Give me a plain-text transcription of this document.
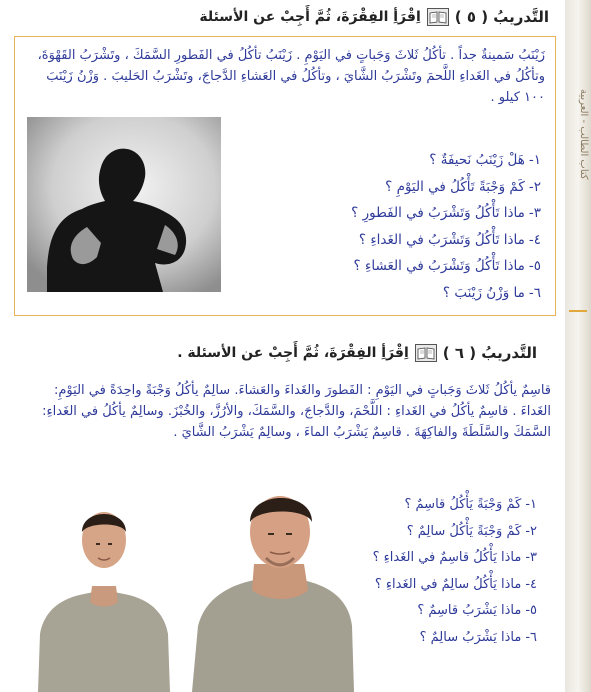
التَّدريبُ ( ٥ )
اِقْرَأِ الفِقْرَةَ، ثُمَّ أَجِبْ عن الأسئلة
زَيْنَبُ سَمينةٌ جداً . تأكُلُ ثَلاثَ وَجَباتٍ في اليَوْمِ . زَيْنَبُ تأكُلُ في الفَطورِ السَّمَكَ ، وتَشْرَبُ القَهْوَةَ، وتأكُلُ في الغَداءِ اللَّحمَ وتَشْرَبُ الشَّايَ ، وتأكُلُ في العَشاءِ الدَّجاجَ، وتَشْرَبُ الحَليبَ . وَزْنُ زَيْنَبَ ١٠٠ كيلو .
١-هَلْ زَيْنَبُ نَحيفَةٌ ؟
٢-كَمْ وَجْبَةً تَأْكُلُ في اليَوْمِ ؟
٣-ماذا تَأْكُلُ وَتَشْرَبُ في الفَطورِ ؟
٤-ماذا تَأْكُلُ وَتَشْرَبُ في الغَداءِ ؟
٥-ماذا تَأْكُلُ وَتَشْرَبُ في العَشاءِ ؟
٦-ما وَزْنُ زَيْنَبَ ؟
التَّدريبُ ( ٦ )
اِقْرَأِ الفِقْرَةَ، ثُمَّ أَجِبْ عن الأسئلة .
قاسِمٌ يأكُلُ ثَلاثَ وَجَباتٍ في اليَوْمِ : الفَطورَ والغَداءَ والعَشاءَ. سالِمٌ يأكُلُ وَجْبَةً واحِدَةً في اليَوْمِ: الغَداءَ . قاسِمٌ يأكُلُ في الغَداءِ : اللَّحْمَ، والدَّجاجَ، والسَّمَكَ، والأرُزَّ، والخُبْزَ. وسالِمٌ يأكُلُ في الغَداءِ: السَّمَكَ والسَّلَطَةَ والفاكِهَةَ . قاسِمٌ يَشْرَبُ الماءَ ، وسالِمٌ يَشْرَبُ الشَّايَ .
١-كَمْ وَجْبَةً يَأْكُلُ قاسِمٌ ؟
٢-كَمْ وَجْبَةً يَأْكُلُ سالِمٌ ؟
٣-ماذا يَأْكُلُ قاسِمٌ في الغَداءِ ؟
٤-ماذا يَأْكُلُ سالِمٌ في الغَداءِ ؟
٥-ماذا يَشْرَبُ قاسِمٌ ؟
٦-ماذا يَشْرَبُ سالِمٌ ؟
كتاب الطالب - العربية
